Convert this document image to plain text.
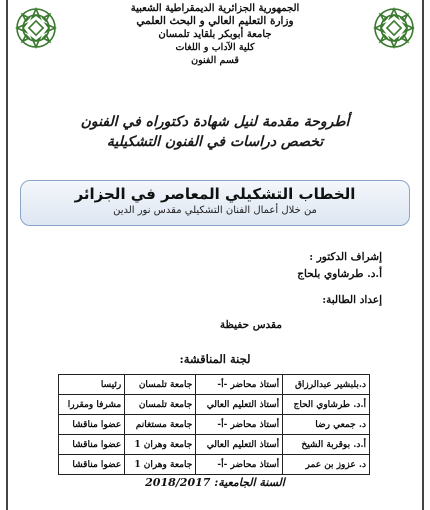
الجمهورية الجزائرية الديمقراطية الشعبية
وزارة التعليم العالي و البحث العلمي
جامعة أبوبكر بلقايد تلمسان
كلية الآداب و اللغات
قسم الفنون
أطروحة مقدمة لنيل شهادة دكتوراه في الفنون
تخصص دراسات في الفنون التشكيلية
الخطاب التشكيلي المعاصر في الجزائر
من خلال أعمال الفنان التشكيلي مقدس نور الدين
إشراف الدكتور :
أ.د. طرشاوي بلحاج
إعداد الطالبة:
مقدس حفيظة
لجنة المناقشة:
د.بلبشير عبدالرزاق	أستاذ محاضر -أ-	جامعة تلمسان	رئيسا
أ.د. طرشاوي الحاج	أستاذ التعليم العالي	جامعة تلمسان	مشرفا ومقررا
د. جمعي رضا	أستاذ محاضر -أ-	جامعة مستغانم	عضوا مناقشا
أ.د. بوقربة الشيخ	أستاذ التعليم العالي	جامعة وهران 1	عضوا مناقشا
د. عزوز بن عمر	أستاذ محاضر -أ-	جامعة وهران 1	عضوا مناقشا
السنة الجامعية: 2018/2017
